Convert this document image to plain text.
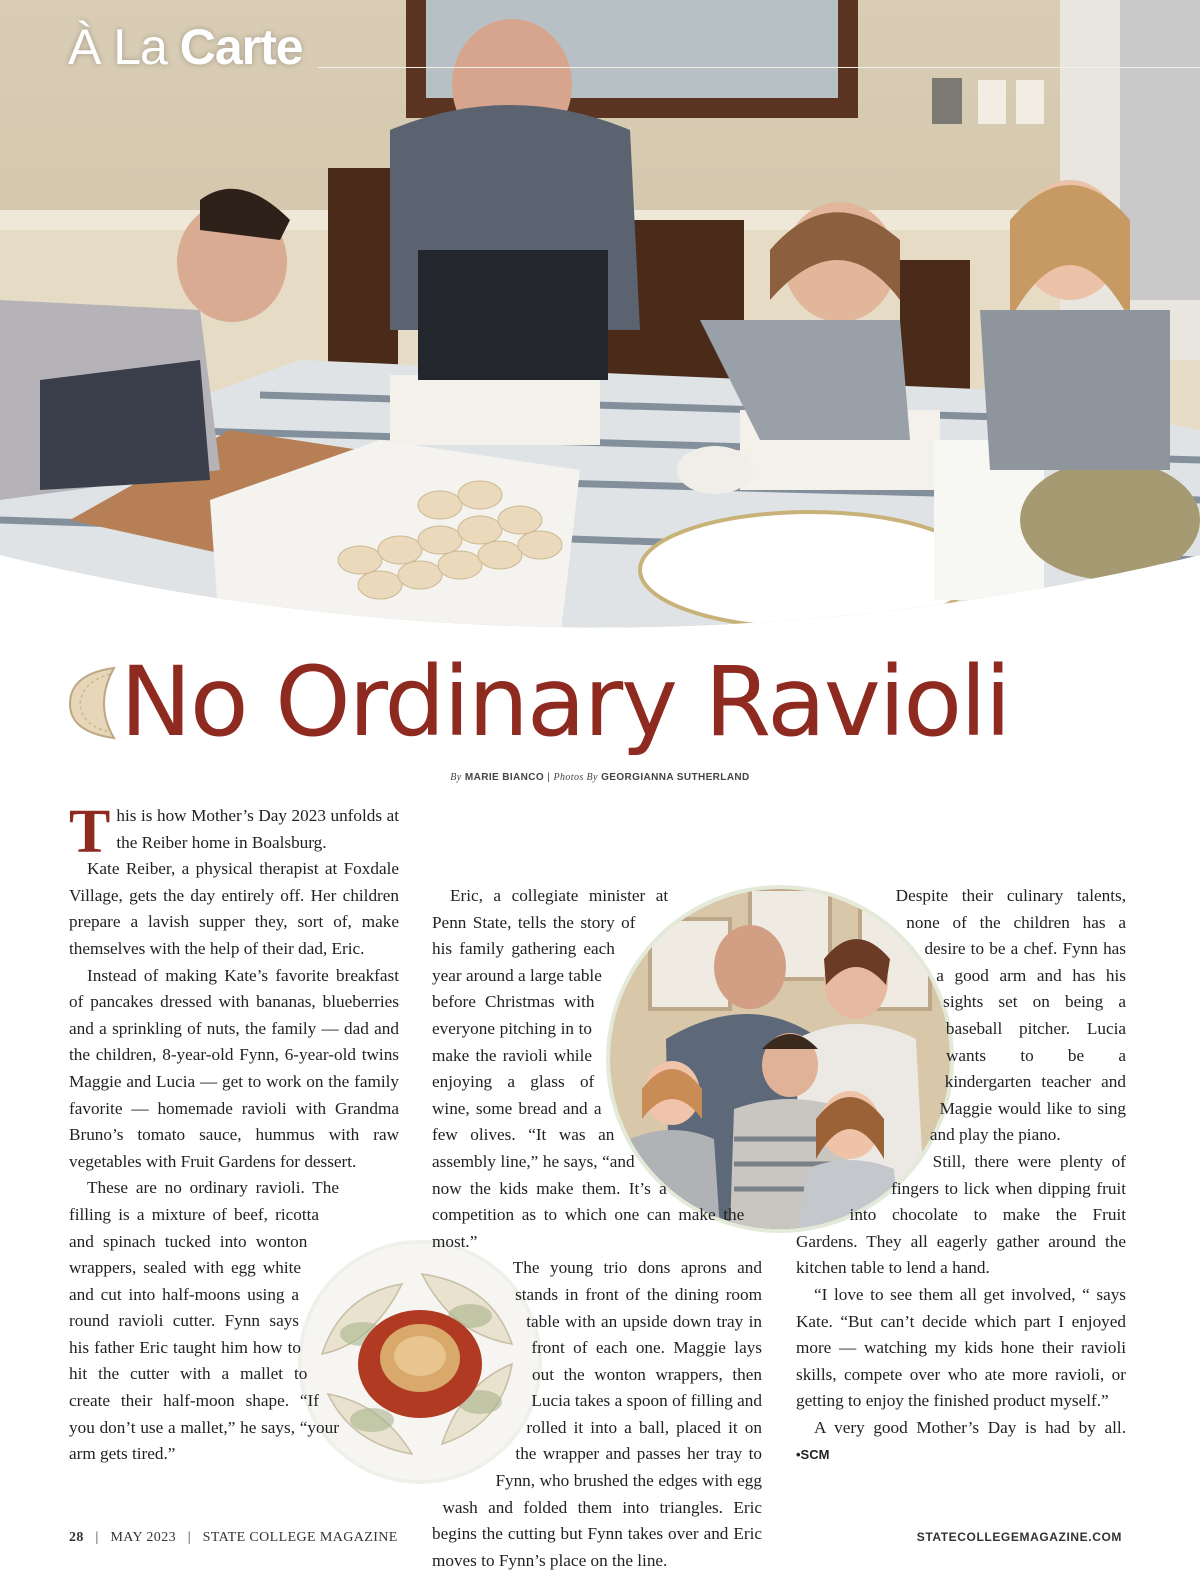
À La Carte
No Ordinary Ravioli
By MARIE BIANCO | Photos By GEORGIANNA SUTHERLAND

This is how Mother’s Day 2023 unfolds at the Reiber home in Boalsburg.

Kate Reiber, a physical therapist at Foxdale Village, gets the day entirely off. Her children prepare a lavish supper they, sort of, make themselves with the help of their dad, Eric.

Instead of making Kate’s favorite breakfast of pancakes dressed with bananas, blueberries and a sprinkling of nuts, the family — dad and the children, 8-year-old Fynn, 6-year-old twins Maggie and Lucia — get to work on the family favorite — homemade ravioli with Grandma Bruno’s tomato sauce, hummus with raw vegetables with Fruit Gardens for dessert.

These are no ordinary ravioli. The filling is a mixture of beef, ricotta and spinach tucked into wonton wrappers, sealed with egg white and cut into half-moons using a round ravioli cutter. Fynn says his father Eric taught him how to hit the cutter with a mallet to create their half-moon shape. “If you don’t use a mallet,” he says, “your arm gets tired.”

Eric, a collegiate minister at Penn State, tells the story of his family gathering each year around a large table before Christmas with everyone pitching in to make the ravioli while enjoying a glass of wine, some bread and a few olives. “It was an assembly line,” he says, “and now the kids make them. It’s a competition as to which one can make the most.”

The young trio dons aprons and stands in front of the dining room table with an upside down tray in front of each one. Maggie lays out the wonton wrappers, then Lucia takes a spoon of filling and rolled it into a ball, placed it on the wrapper and passes her tray to Fynn, who brushed the edges with egg wash and folded them into triangles. Eric begins the cutting but Fynn takes over and Eric moves to Fynn’s place on the line.

Despite their culinary talents, none of the children has a desire to be a chef. Fynn has a good arm and has his sights set on being a baseball pitcher. Lucia wants to be a kindergarten teacher and Maggie would like to sing and play the piano.

Still, there were plenty of fingers to lick when dipping fruit into chocolate to make the Fruit Gardens. They all eagerly gather around the kitchen table to lend a hand.

“I love to see them all get involved, “ says Kate. “But can’t decide which part I enjoyed more — watching my kids hone their ravioli skills, compete over who ate more ravioli, or getting to enjoy the finished product myself.”

A very good Mother’s Day is had by all. •SCM

28   |   MAY 2023   |   STATE COLLEGE MAGAZINE	STATECOLLEGEMAGAZINE.COM
